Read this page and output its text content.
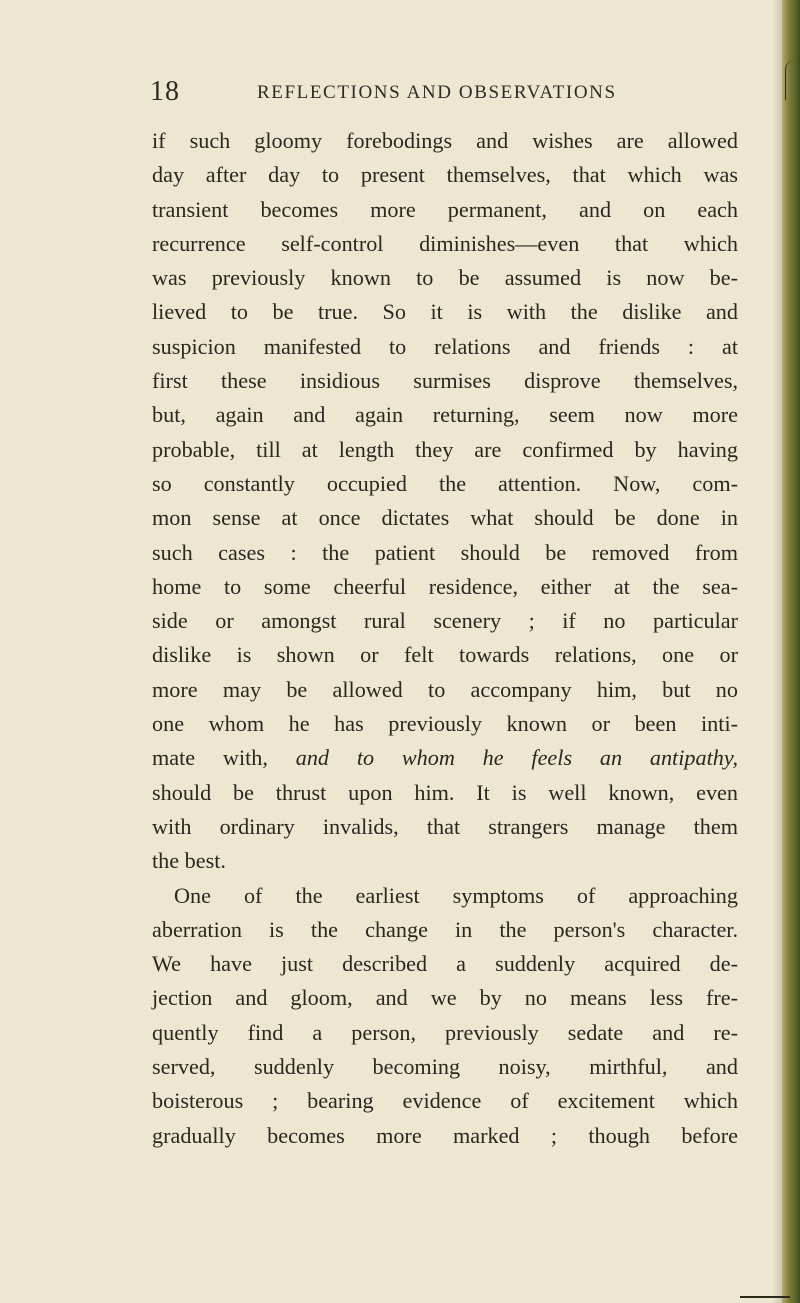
18	REFLECTIONS AND OBSERVATIONS
if such gloomy forebodings and wishes are allowed
day after day to present themselves, that which was
transient becomes more permanent, and on each
recurrence self-control diminishes—even that which
was previously known to be assumed is now be-
lieved to be true. So it is with the dislike and
suspicion manifested to relations and friends : at
first these insidious surmises disprove themselves,
but, again and again returning, seem now more
probable, till at length they are confirmed by having
so constantly occupied the attention. Now, com-
mon sense at once dictates what should be done in
such cases : the patient should be removed from
home to some cheerful residence, either at the sea-
side or amongst rural scenery ; if no particular
dislike is shown or felt towards relations, one or
more may be allowed to accompany him, but no
one whom he has previously known or been inti-
mate with, and to whom he feels an antipathy,
should be thrust upon him. It is well known, even
with ordinary invalids, that strangers manage them
the best.
One of the earliest symptoms of approaching
aberration is the change in the person's character.
We have just described a suddenly acquired de-
jection and gloom, and we by no means less fre-
quently find a person, previously sedate and re-
served, suddenly becoming noisy, mirthful, and
boisterous ; bearing evidence of excitement which
gradually becomes more marked ; though before
